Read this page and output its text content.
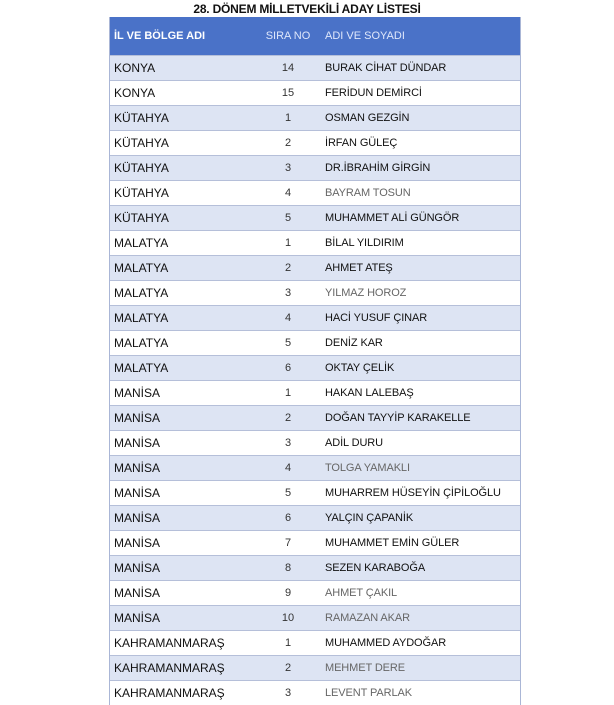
28. DÖNEM MİLLETVEKİLİ ADAY LİSTESİ
İL VE BÖLGE ADI	SIRA NO	ADI VE SOYADI
KONYA	14	BURAK CİHAT DÜNDAR
KONYA	15	FERİDUN DEMİRCİ
KÜTAHYA	1	OSMAN GEZGİN
KÜTAHYA	2	İRFAN GÜLEÇ
KÜTAHYA	3	DR.İBRAHİM GİRGİN
KÜTAHYA	4	BAYRAM TOSUN
KÜTAHYA	5	MUHAMMET ALİ GÜNGÖR
MALATYA	1	BİLAL YILDIRIM
MALATYA	2	AHMET ATEŞ
MALATYA	3	YILMAZ HOROZ
MALATYA	4	HACİ YUSUF ÇINAR
MALATYA	5	DENİZ KAR
MALATYA	6	OKTAY ÇELİK
MANİSA	1	HAKAN LALEBAŞ
MANİSA	2	DOĞAN TAYYİP KARAKELLE
MANİSA	3	ADİL DURU
MANİSA	4	TOLGA YAMAKLI
MANİSA	5	MUHARREM HÜSEYİN ÇİPİLOĞLU
MANİSA	6	YALÇIN ÇAPANİK
MANİSA	7	MUHAMMET EMİN GÜLER
MANİSA	8	SEZEN KARABOĞA
MANİSA	9	AHMET ÇAKIL
MANİSA	10	RAMAZAN AKAR
KAHRAMANMARAŞ	1	MUHAMMED AYDOĞAR
KAHRAMANMARAŞ	2	MEHMET DERE
KAHRAMANMARAŞ	3	LEVENT PARLAK
